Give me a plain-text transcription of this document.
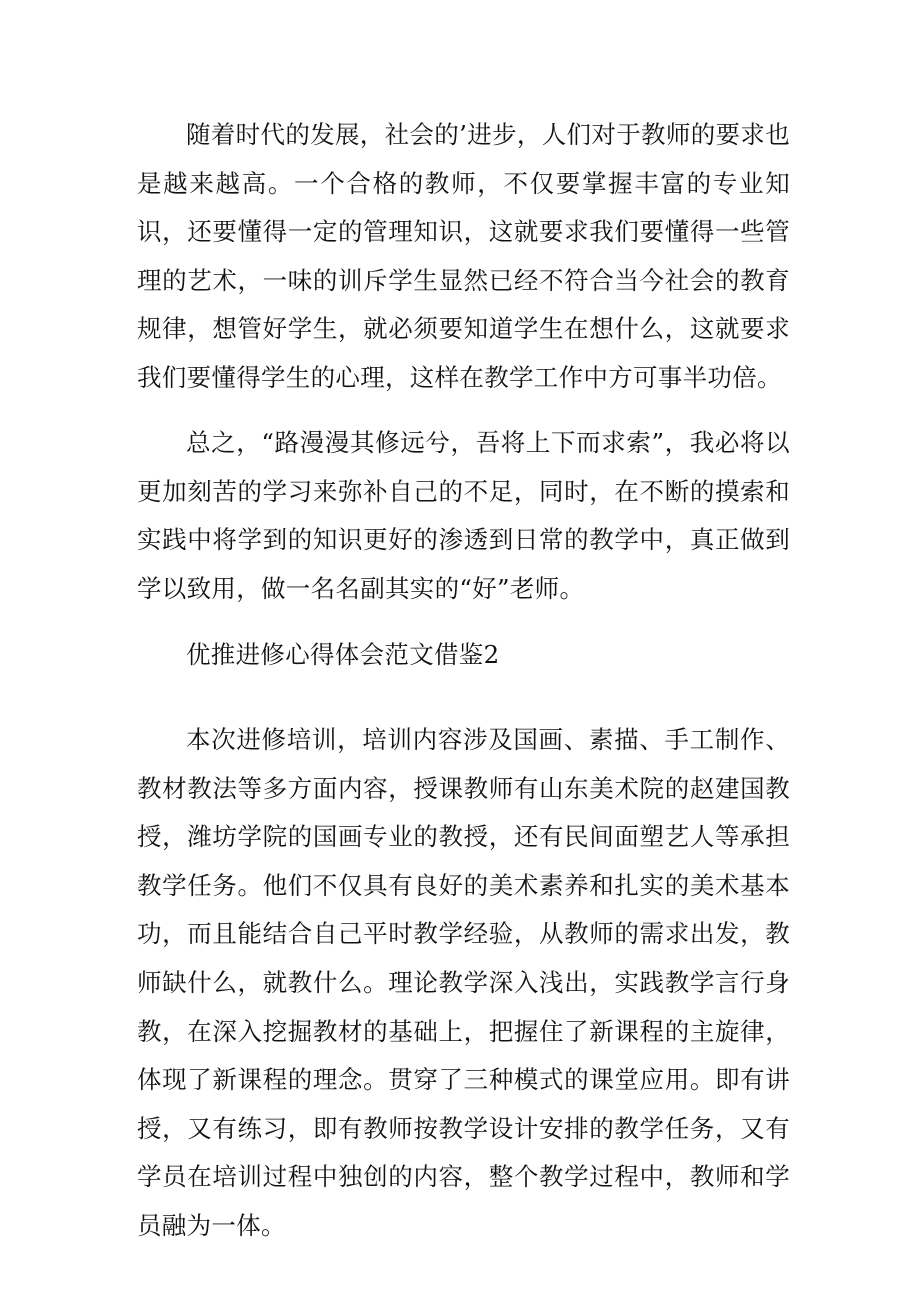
随着时代的发展，社会的’进步，人们对于教师的要求也是越来越高。一个合格的教师，不仅要掌握丰富的专业知识，还要懂得一定的管理知识，这就要求我们要懂得一些管理的艺术，一味的训斥学生显然已经不符合当今社会的教育规律，想管好学生，就必须要知道学生在想什么，这就要求我们要懂得学生的心理，这样在教学工作中方可事半功倍。

总之，“路漫漫其修远兮，吾将上下而求索”，我必将以更加刻苦的学习来弥补自己的不足，同时，在不断的摸索和实践中将学到的知识更好的渗透到日常的教学中，真正做到学以致用，做一名名副其实的“好”老师。

优推进修心得体会范文借鉴2

本次进修培训，培训内容涉及国画、素描、手工制作、教材教法等多方面内容，授课教师有山东美术院的赵建国教授，潍坊学院的国画专业的教授，还有民间面塑艺人等承担教学任务。他们不仅具有良好的美术素养和扎实的美术基本功，而且能结合自己平时教学经验，从教师的需求出发，教师缺什么，就教什么。理论教学深入浅出，实践教学言行身教，在深入挖掘教材的基础上，把握住了新课程的主旋律，体现了新课程的理念。贯穿了三种模式的课堂应用。即有讲授，又有练习，即有教师按教学设计安排的教学任务，又有学员在培训过程中独创的内容，整个教学过程中，教师和学员融为一体。
